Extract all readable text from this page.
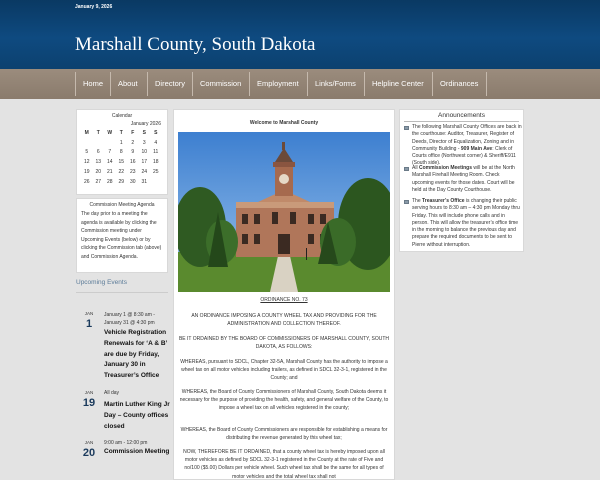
January 9, 2026
Marshall County, South Dakota
Home About Directory Commission Employment Links/Forms Helpline Center Ordinances
Calendar
January 2026
M	T	W	T	F	S	S
			1	2	3	4
5	6	7	8	9	10	11
12	13	14	15	16	17	18
19	20	21	22	23	24	25
26	27	28	29	30	31	
Commission Meeting Agenda
The day prior to a meeting the agenda is available by clicking the Commission meeting under Upcoming Events (below) or by clicking the Commission tab (above) and Commission Agenda.
Upcoming Events
JAN
1
January 1 @ 8:30 am - January 31 @ 4:30 pm
Vehicle Registration Renewals for ‘A & B’ are due by Friday, January 30 in Treasurer’s Office
JAN
19
All day
Martin Luther King Jr Day – County offices closed
JAN
20
9:00 am - 12:00 pm
Commission Meeting
Welcome to Marshall County
ORDINANCE NO. 73
AN ORDINANCE IMPOSING A COUNTY WHEEL TAX AND PROVIDING FOR THE ADMINISTRATION AND COLLECTION THEREOF.
BE IT ORDAINED BY THE BOARD OF COMMISSIONERS OF MARSHALL COUNTY, SOUTH DAKOTA, AS FOLLOWS:
WHEREAS, pursuant to SDCL, Chapter 32-5A, Marshall County has the authority to impose a wheel tax on all motor vehicles including trailers, as defined in SDCL 32-3-1, registered in the County; and
WHEREAS, the Board of County Commissioners of Marshall County, South Dakota deems it necessary for the purpose of providing the health, safety, and general welfare of the County, to impose a wheel tax on all vehicles registered in the county;
WHEREAS, the Board of County Commissioners are responsible for establishing a means for distributing the revenue generated by this wheel tax;
NOW, THEREFORE BE IT ORDAINED, that a county wheel tax is hereby imposed upon all motor vehicles as defined by SDCL 32-3-1 registered in the County at the rate of Five and no/100 ($5.00) Dollars per vehicle wheel. Such wheel tax shall be the same for all types of motor vehicles and the total wheel tax shall not
Announcements
The following Marshall County Offices are back in the courthouse: Auditor, Treasurer, Register of Deeds, Director of Equalization, Zoning and in Community Building - 909 Main Ave: Clerk of Courts office (Northwest corner) & Sheriff/E911 (South side).
All Commission Meetings will be at the North Marshall Firehall Meeting Room. Check upcoming events for those dates. Court will be held at the Day County Courthouse.
The Treasurer’s Office is changing their public serving hours to 8:30 am – 4:30 pm Monday thru Friday. This will include phone calls and in person. This will allow the treasurer’s office time in the morning to balance the previous day and prepare the required documents to be sent to Pierre without interruption.
